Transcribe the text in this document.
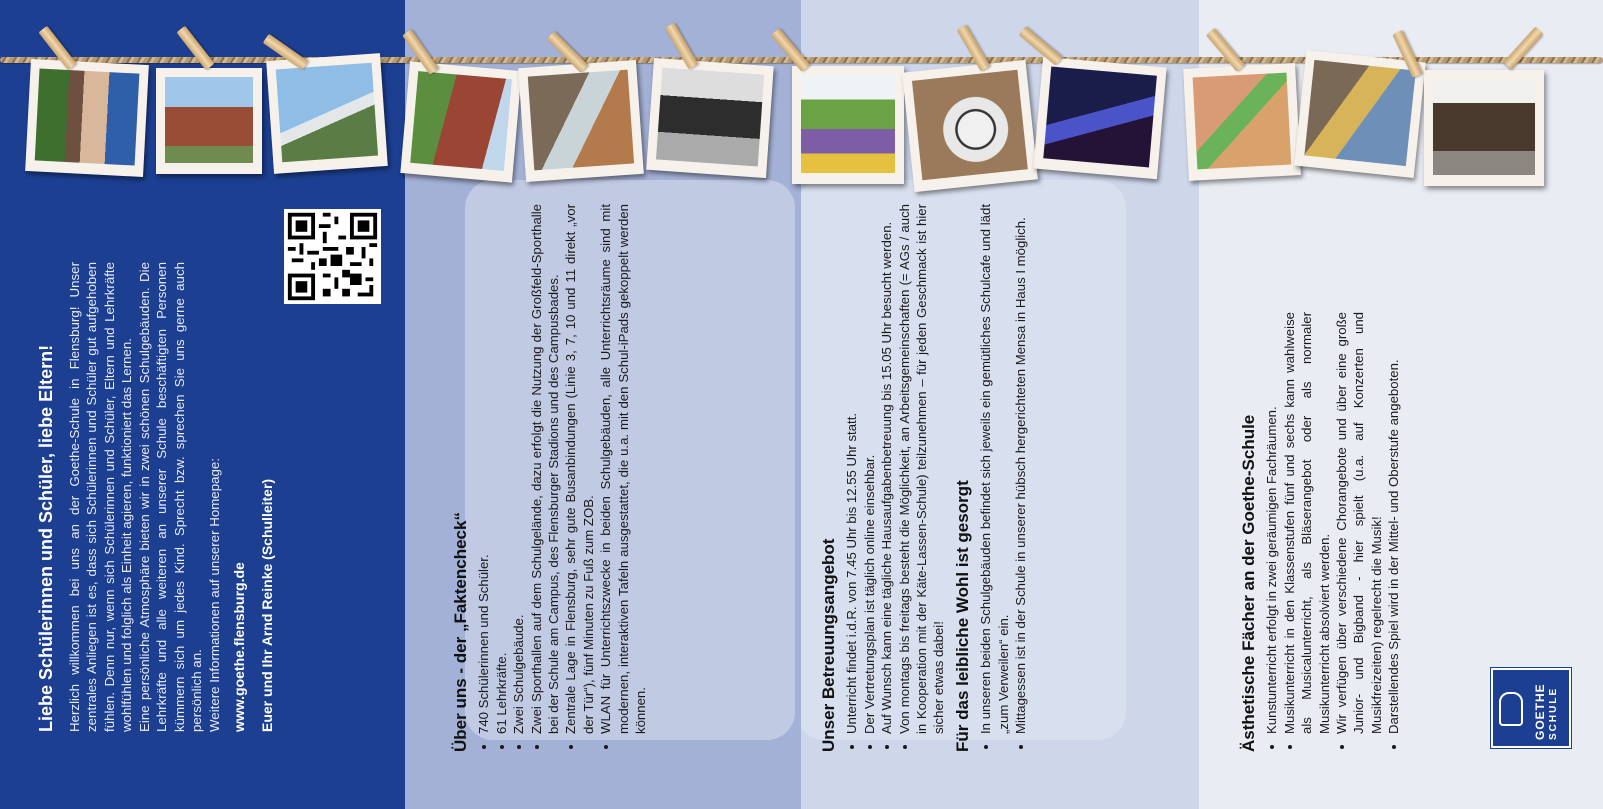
Liebe Schülerinnen und Schüler, liebe Eltern! Herzlich willkommen bei uns an der Goethe-Schule in Flensburg! Unser zentrales Anliegen ist es, dass sich Schülerinnen und Schüler gut aufgehoben fühlen. Denn nur, wenn sich Schülerinnen und Schüler, Eltern und Lehrkräfte wohlfühlen und folglich als Einheit agieren, funktioniert das Lernen. Eine persönliche Atmosphäre bieten wir in zwei schönen Schulgebäuden. Die Lehrkräfte und alle weiteren an unserer Schule beschäftigten Personen kümmern sich um jedes Kind. Sprecht bzw. sprechen Sie uns gerne auch persönlich an. Weitere Informationen auf unserer Homepage: www.goethe.flensburg.de Euer und Ihr Arnd Reinke (Schulleiter)	Über uns - der „Faktencheck“ • 740 Schülerinnen und Schüler. • 61 Lehrkräfte. • Zwei Schulgebäude. • Zwei Sporthallen auf dem Schulgelände, dazu erfolgt die Nutzung der Großfeld-Sporthalle bei der Schule am Campus, des Flensburger Stadions und des Campusbades. • Zentrale Lage in Flensburg, sehr gute Busanbindungen (Linie 3, 7, 10 und 11 direkt „vor der Tür“), fünf Minuten zu Fuß zum ZOB. • WLAN für Unterrichtszwecke in beiden Schulgebäuden, alle Unterrichtsräume sind mit modernen, interaktiven Tafeln ausgestattet, die u.a. mit den Schul-iPads gekoppelt werden können.	Unser Betreuungsangebot • Unterricht findet i.d.R. von 7.45 Uhr bis 12.55 Uhr statt. • Der Vertretungsplan ist täglich online einsehbar. • Auf Wunsch kann eine tägliche Hausaufgabenbetreuung bis 15.05 Uhr besucht werden. • Von montags bis freitags besteht die Möglichkeit, an Arbeitsgemeinschaften (= AGs / auch in Kooperation mit der Käte-Lassen-Schule) teilzunehmen – für jeden Geschmack ist hier sicher etwas dabei! Für das leibliche Wohl ist gesorgt • In unseren beiden Schulgebäuden befindet sich jeweils ein gemütliches Schulcafe und lädt „zum Verweilen“ ein. • Mittagessen ist in der Schule in unserer hübsch hergerichteten Mensa in Haus I möglich.	Ästhetische Fächer an der Goethe-Schule • Kunstunterricht erfolgt in zwei geräumigen Fachräumen. • Musikunterricht in den Klassenstufen fünf und sechs kann wahlweise als Musicalunterricht, als Bläserangebot oder als normaler Musikunterricht absolviert werden. • Wir verfügen über verschiedene Chorangebote und über eine große Junior- und Bigband - hier spielt (u.a. auf Konzerten und Musikfreizeiten) regelrecht die Musik! • Darstellendes Spiel wird in der Mittel- und Oberstufe angeboten.	GOETHE SCHULE
